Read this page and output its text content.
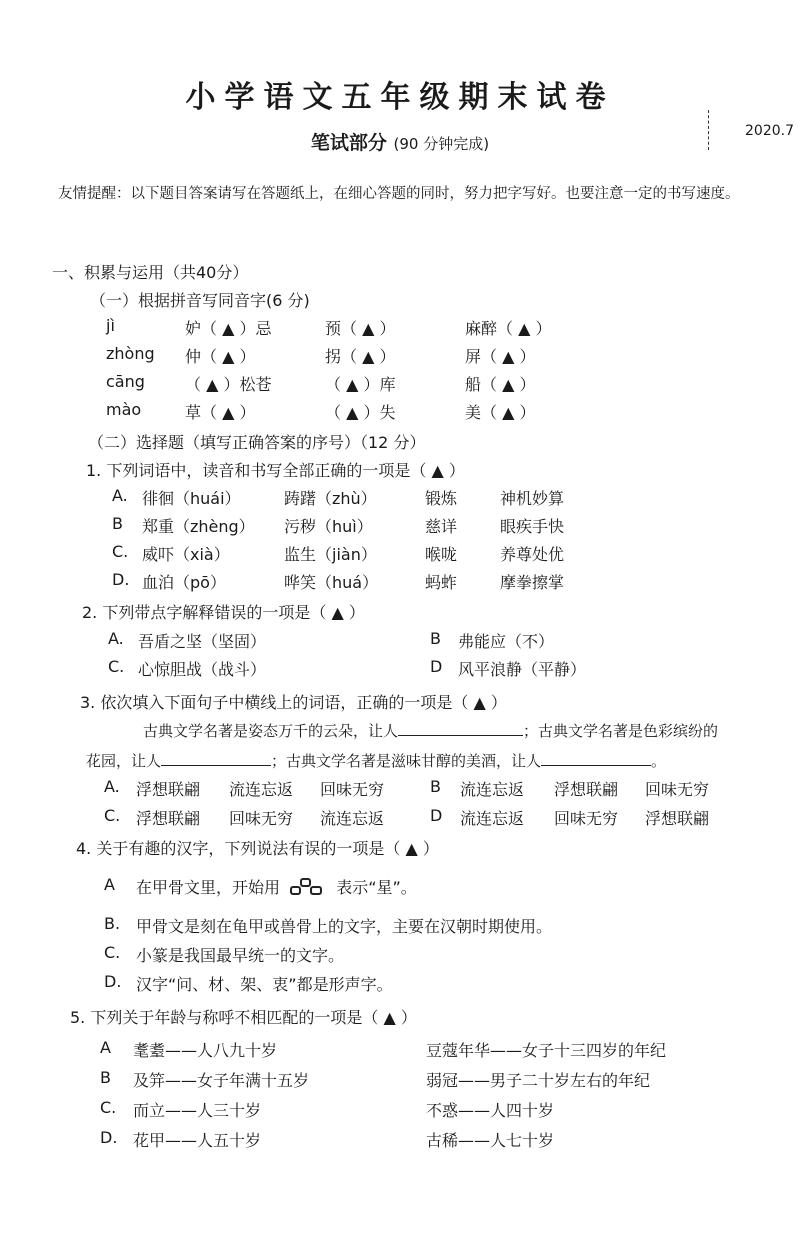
小学语文五年级期末试卷
笔试部分 (90 分钟完成)
2020.7
友情提醒：以下题目答案请写在答题纸上，在细心答题的同时，努力把字写好。也要注意一定的书写速度。
一、积累与运用（共40分）
（一）根据拼音写同音字(6 分)
jì	妒（ ▲ ）忌	预（ ▲ ）	麻醉（ ▲ ）
zhòng 仲（ ▲ ）	拐（ ▲ ）	屏（ ▲ ）
cāng	（ ▲ ）松苍	（ ▲ ）库	船（ ▲ ）
mào	草（ ▲ ）	（ ▲ ）失	美（ ▲ ）
（二）选择题（填写正确答案的序号）（12 分）
1. 下列词语中，读音和书写全部正确的一项是（ ▲ ）
A. 徘徊（huái）	踌躇（zhù）	锻炼	神机妙算
B 郑重（zhèng） 污秽（huì）	慈详	眼疾手快
C. 威吓（xià）	监生（jiàn）	喉咙	养尊处优
D. 血泊（pō）	哗笑（huá）	蚂蚱	摩拳擦掌
2. 下列带点字解释错误的一项是（ ▲ ）
A. 吾盾之坚（坚固）	B 弗能应（不）
C. 心惊胆战（战斗）	D 风平浪静（平静）
3. 依次填入下面句子中横线上的词语，正确的一项是（ ▲ ）
古典文学名著是姿态万千的云朵，让人	；古典文学名著是色彩缤纷的
花园，让人	；古典文学名著是滋味甘醇的美酒，让人	。
A. 浮想联翩 流连忘返 回味无穷	B 流连忘返 浮想联翩 回味无穷
C. 浮想联翩 回味无穷 流连忘返	D 流连忘返 回味无穷 浮想联翩
4. 关于有趣的汉字，下列说法有误的一项是（ ▲ ）
A 在甲骨文里，开始用	表示“星”。
B. 甲骨文是刻在龟甲或兽骨上的文字，主要在汉朝时期使用。
C. 小篆是我国最早统一的文字。
D. 汉字“问、材、架、衷”都是形声字。
5. 下列关于年龄与称呼不相匹配的一项是（ ▲ ）
A 耄耋——人八九十岁	豆蔻年华——女子十三四岁的年纪
B 及笄——女子年满十五岁	弱冠——男子二十岁左右的年纪
C. 而立——人三十岁	不惑——人四十岁
D. 花甲——人五十岁	古稀——人七十岁
